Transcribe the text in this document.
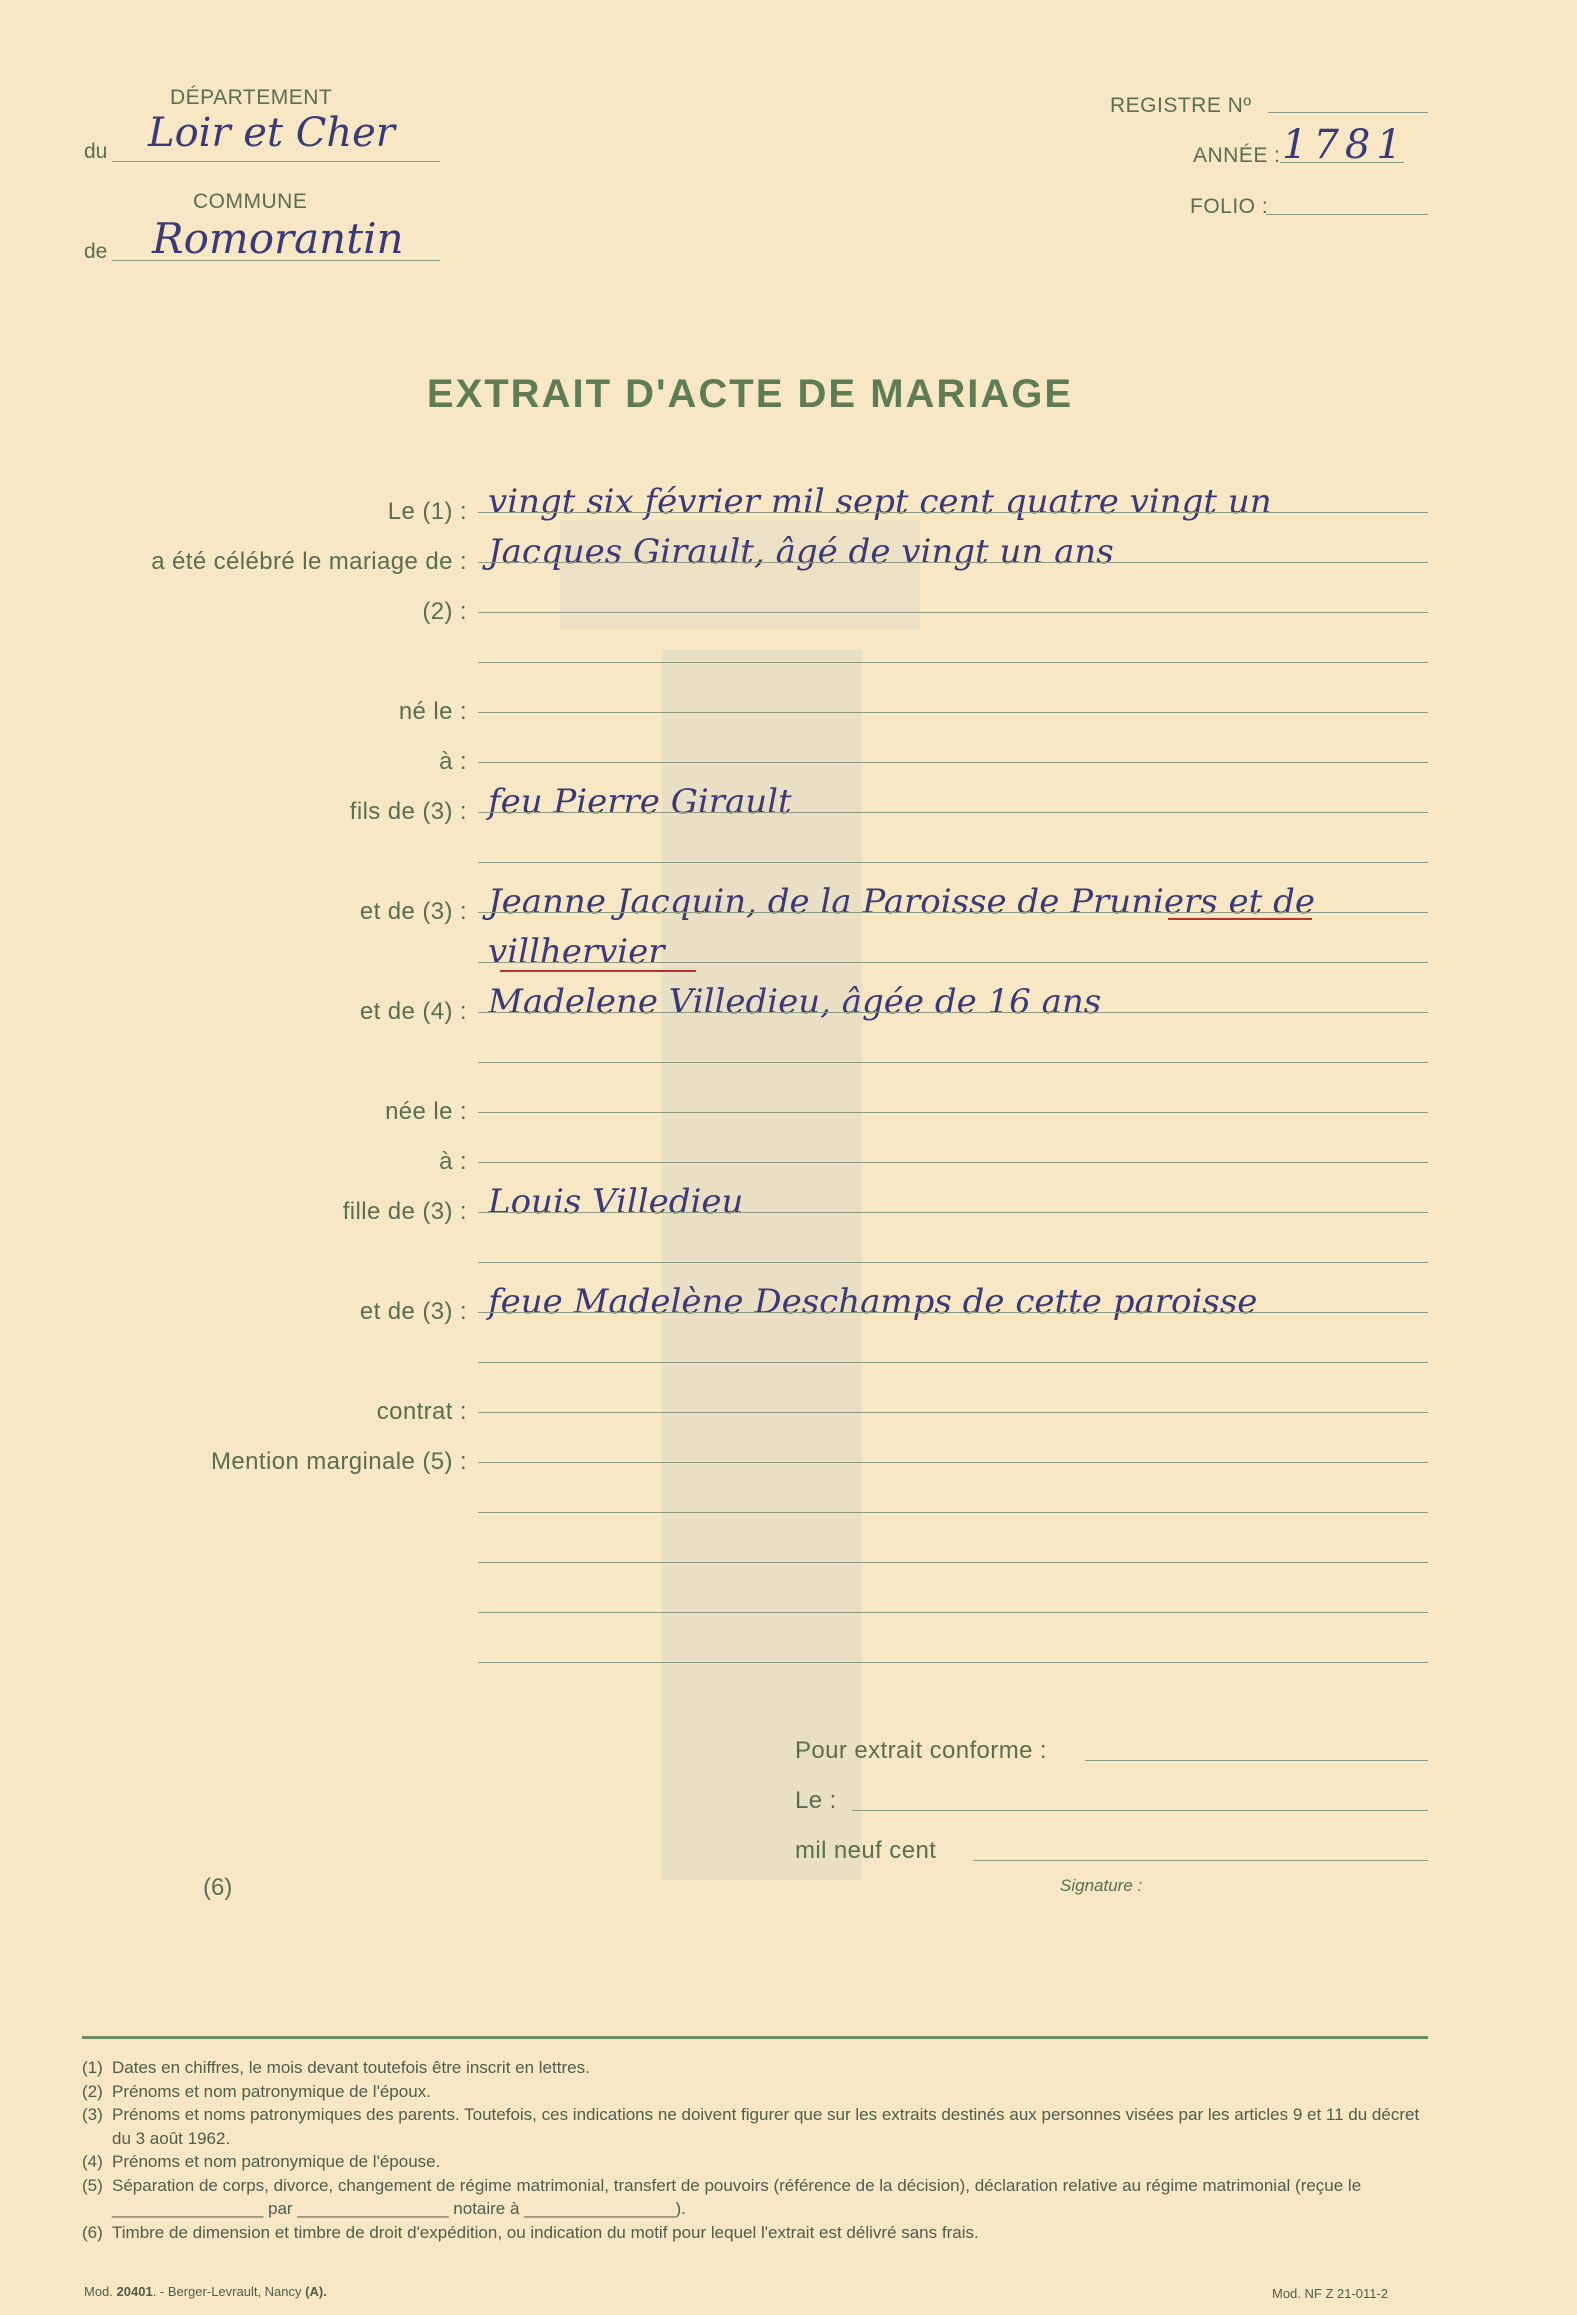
DÉPARTEMENT
du Loir et Cher
COMMUNE
de Romorantin
REGISTRE Nº
ANNÉE : 1781
FOLIO :
EXTRAIT D'ACTE DE MARIAGE
Le (1) : vingt six février mil sept cent quatre vingt un
a été célébré le mariage de : Jacques Girault, âgé de vingt un ans
(2) :
né le :
à :
fils de (3) : feu Pierre Girault
et de (3) : Jeanne Jacquin, de la Paroisse de Pruniers et de
villhervier
et de (4) : Madelene Villedieu, âgée de 16 ans
née le :
à :
fille de (3) : Louis Villedieu
et de (3) : feue Madelène Deschamps de cette paroisse
contrat :
Mention marginale (5) :
Pour extrait conforme :
Le :
mil neuf cent
Signature :
(6)
(1) Dates en chiffres, le mois devant toutefois être inscrit en lettres.
(2) Prénoms et nom patronymique de l'époux.
(3) Prénoms et noms patronymiques des parents. Toutefois, ces indications ne doivent figurer que sur les extraits destinés aux personnes visées par les articles 9 et 11 du décret du 3 août 1962.
(4) Prénoms et nom patronymique de l'épouse.
(5) Séparation de corps, divorce, changement de régime matrimonial, transfert de pouvoirs (référence de la décision), déclaration relative au régime matrimonial (reçue le ________________ par ________________ notaire à ________________).
(6) Timbre de dimension et timbre de droit d'expédition, ou indication du motif pour lequel l'extrait est délivré sans frais.
Mod. 20401. - Berger-Levrault, Nancy (A).	Mod. NF Z 21-011-2
